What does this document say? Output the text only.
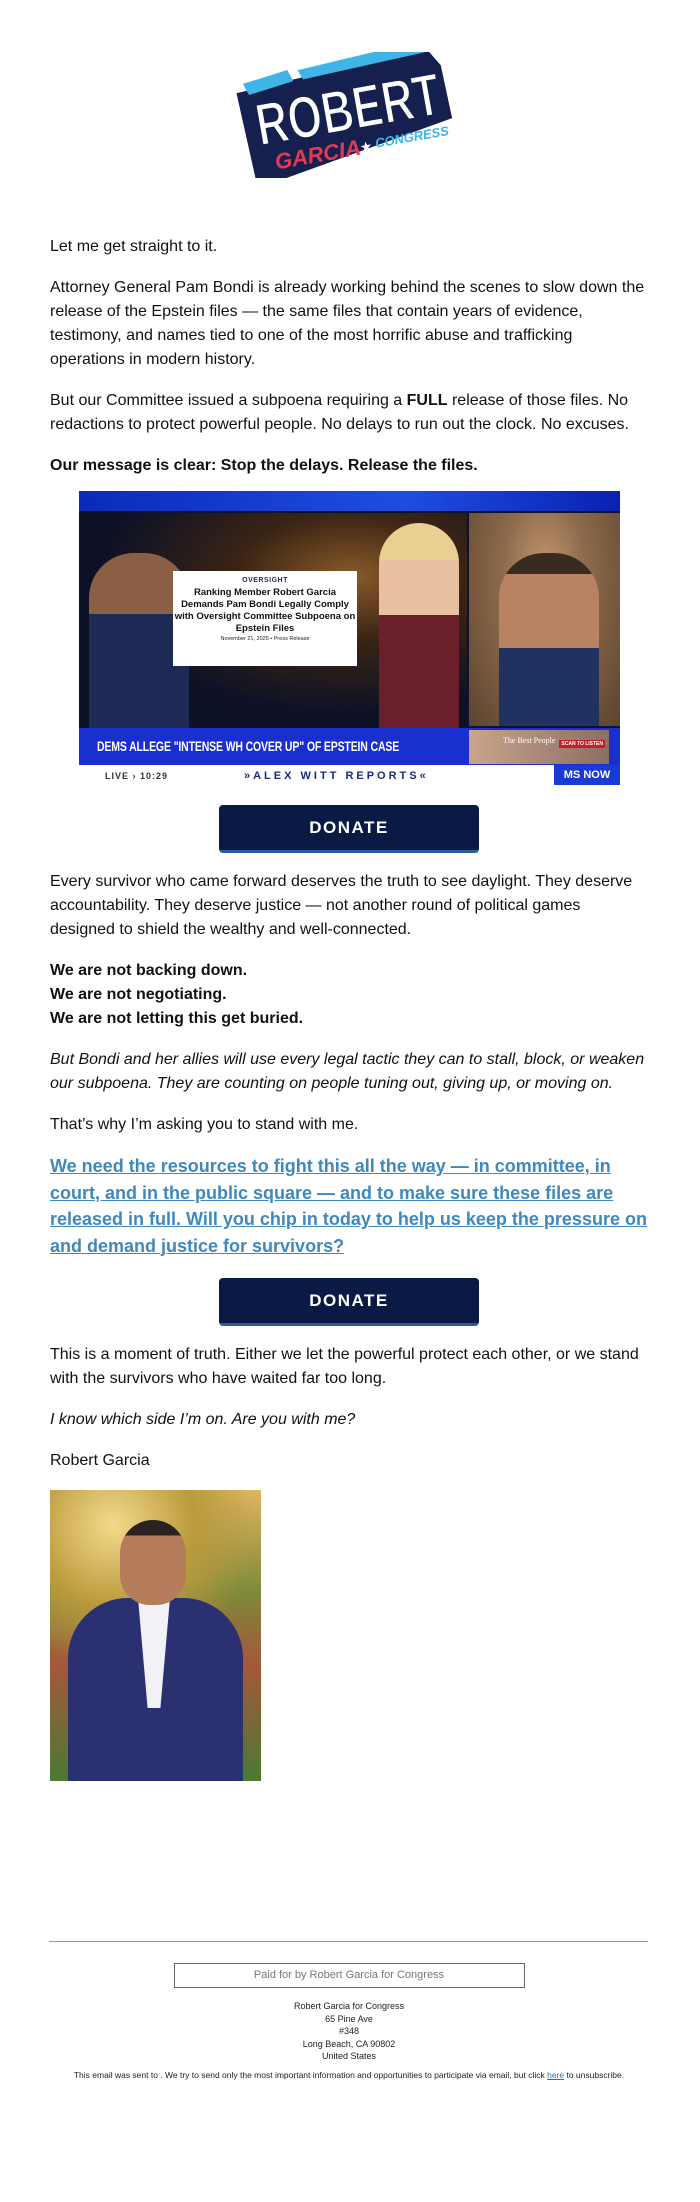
ROBERT
GARCIA
★ CONGRESS

Let me get straight to it.

Attorney General Pam Bondi is already working behind the scenes to slow down the release of the Epstein files — the same files that contain years of evidence, testimony, and names tied to one of the most horrific abuse and trafficking operations in modern history.

But our Committee issued a subpoena requiring a FULL release of those files. No redactions to protect powerful people. No delays to run out the clock. No excuses.

Our message is clear: Stop the delays. Release the files.

OVERSIGHT
Ranking Member Robert Garcia Demands Pam Bondi Legally Comply with Oversight Committee Subpoena on Epstein Files
November 21, 2025 • Press Release
DEMS ALLEGE "INTENSE WH COVER UP" OF EPSTEIN CASE	The Best People	SCAN TO LISTEN
LIVE › 10:29	»ALEX WITT REPORTS«	MS NOW
DONATE

Every survivor who came forward deserves the truth to see daylight. They deserve accountability. They deserve justice — not another round of political games designed to shield the wealthy and well-connected.

We are not backing down.
We are not negotiating.
We are not letting this get buried.

But Bondi and her allies will use every legal tactic they can to stall, block, or weaken our subpoena. They are counting on people tuning out, giving up, or moving on.

That’s why I’m asking you to stand with me.

We need the resources to fight this all the way — in committee, in court, and in the public square — and to make sure these files are released in full. Will you chip in today to help us keep the pressure on and demand justice for survivors?

DONATE

This is a moment of truth. Either we let the powerful protect each other, or we stand with the survivors who have waited far too long.

I know which side I’m on. Are you with me?

Robert Garcia

Paid for by Robert Garcia for Congress
Robert Garcia for Congress
65 Pine Ave
#348
Long Beach, CA 90802
United States
This email was sent to . We try to send only the most important information and opportunities to participate via email, but click here to unsubscribe.
